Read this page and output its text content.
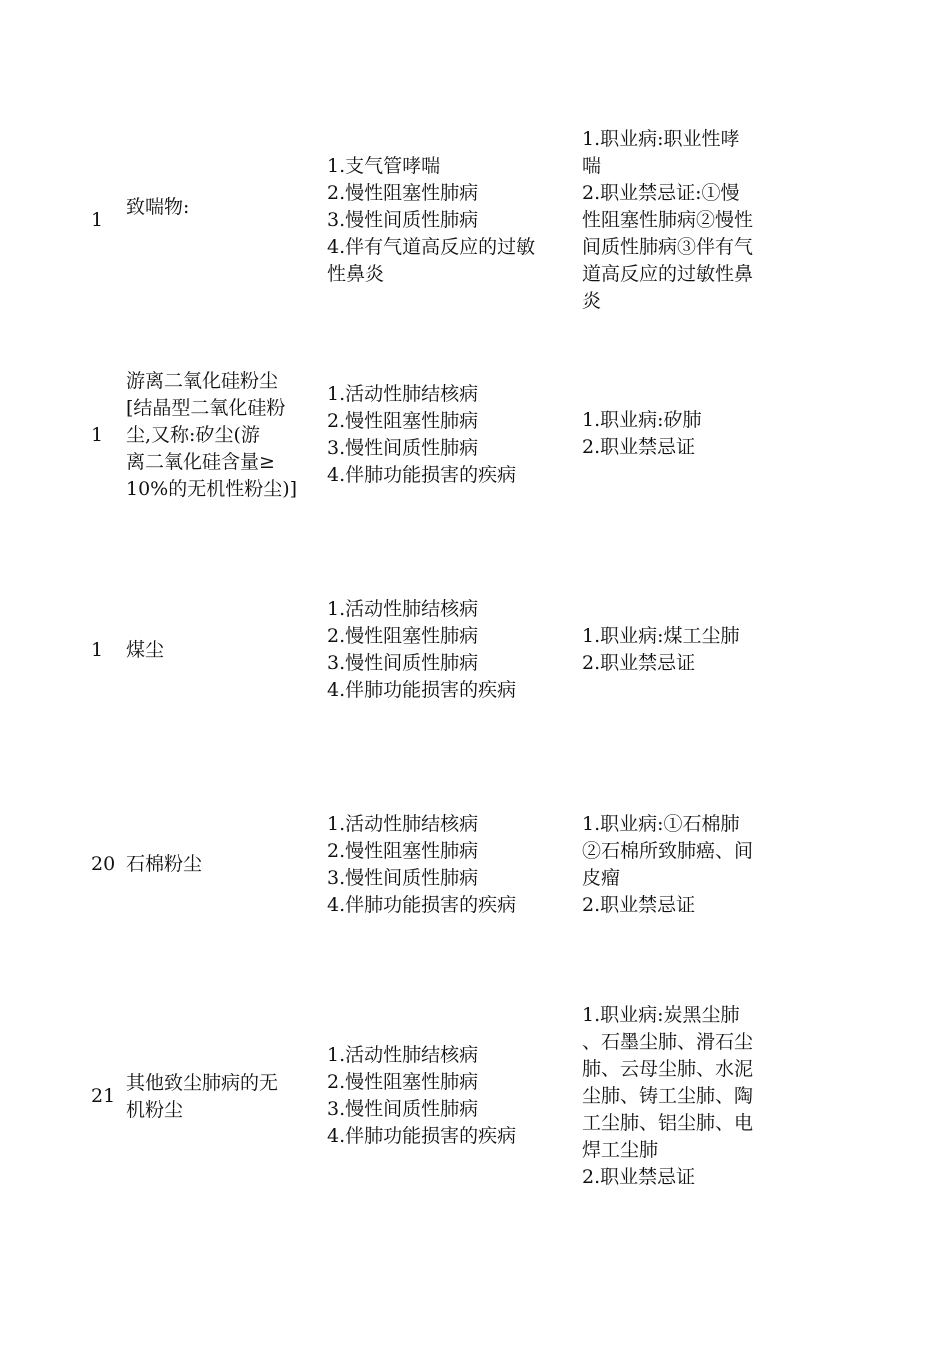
1
致喘物:
1.支气管哮喘
2.慢性阻塞性肺病
3.慢性间质性肺病
4.伴有气道高反应的过敏
性鼻炎
1.职业病:职业性哮
喘
2.职业禁忌证:①慢
性阻塞性肺病②慢性
间质性肺病③伴有气
道高反应的过敏性鼻
炎
1
游离二氧化硅粉尘
[结晶型二氧化硅粉
尘,又称:矽尘(游
离二氧化硅含量≥
10%的无机性粉尘)]
1.活动性肺结核病
2.慢性阻塞性肺病
3.慢性间质性肺病
4.伴肺功能损害的疾病
1.职业病:矽肺
2.职业禁忌证
1	煤尘
1.活动性肺结核病
2.慢性阻塞性肺病
3.慢性间质性肺病
4.伴肺功能损害的疾病
1.职业病:煤工尘肺
2.职业禁忌证
20 石棉粉尘
1.活动性肺结核病
2.慢性阻塞性肺病
3.慢性间质性肺病
4.伴肺功能损害的疾病
1.职业病:①石棉肺
②石棉所致肺癌、间
皮瘤
2.职业禁忌证
21
其他致尘肺病的无
机粉尘
1.活动性肺结核病
2.慢性阻塞性肺病
3.慢性间质性肺病
4.伴肺功能损害的疾病
1.职业病:炭黑尘肺
、石墨尘肺、滑石尘
肺、云母尘肺、水泥
尘肺、铸工尘肺、陶
工尘肺、铝尘肺、电
焊工尘肺
2.职业禁忌证
